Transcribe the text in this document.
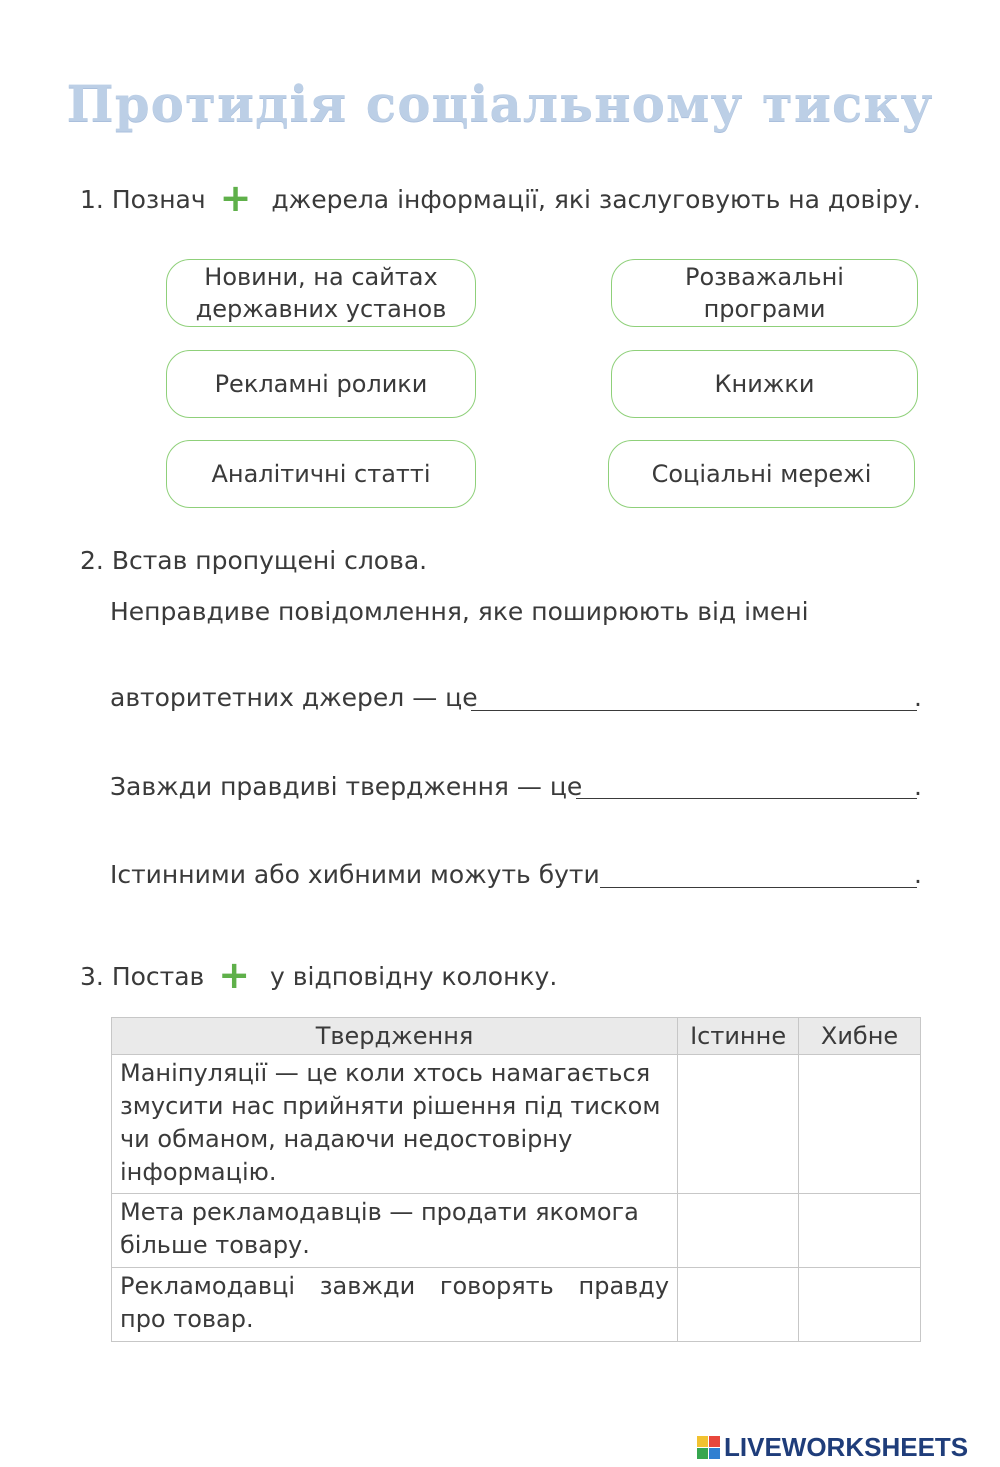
Протидія соціальному тиску
1. Познач + джерела інформації, які заслуговують на довіру.
Новини, на сайтах державних установ
Розважальні програми
Рекламні ролики	Книжки
Аналітичні статті	Соціальні мережі
2. Встав пропущені слова.
Неправдиве повідомлення, яке поширюють від імені
авторитетних джерел — це	.
Завжди правдиві твердження — це	.
Істинними або хибними можуть бути	.
3. Постав + у відповідну колонку.
Твердження	Істинне	Хибне
Маніпуляції — це коли хтось намагається змусити нас прийняти рішення під тиском чи обманом, надаючи недостовірну інформацію.		
Мета рекламодавців — продати якомога більше товару.		
Рекламодавці завжди говорять правду про товар.		
LIVEWORKSHEETS
